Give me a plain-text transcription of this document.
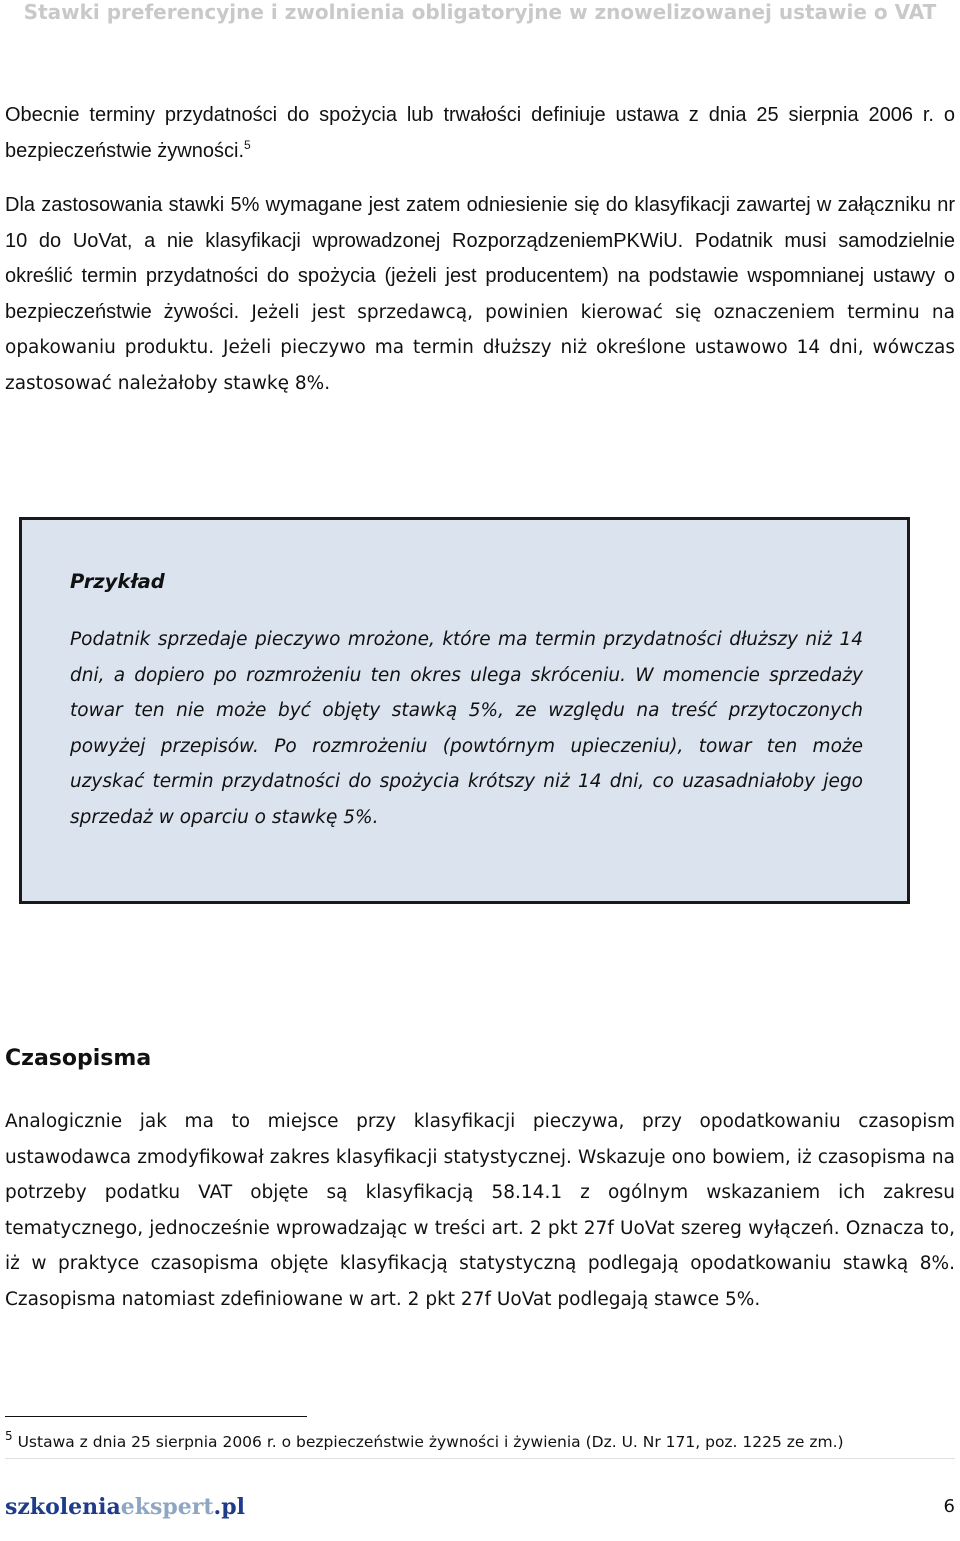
Stawki preferencyjne i zwolnienia obligatoryjne w znowelizowanej ustawie o VAT

Obecnie terminy przydatności do spożycia lub trwałości definiuje ustawa z dnia 25 sierpnia 2006 r. o bezpieczeństwie żywności.$^5$

Dla zastosowania stawki 5% wymagane jest zatem odniesienie się do klasyfikacji zawartej w załączniku nr 10 do UoVat, a nie klasyfikacji wprowadzonej RozporządzeniemPKWiU. Podatnik musi samodzielnie określić termin przydatności do spożycia (jeżeli jest producentem) na podstawie wspomnianej ustawy o bezpieczeństwie żywości. Jeżeli jest sprzedawcą, powinien kierować się oznaczeniem terminu na opakowaniu produktu. Jeżeli pieczywo ma termin dłuższy niż określone ustawowo 14 dni, wówczas zastosować należałoby stawkę 8%.

Przykład

Podatnik sprzedaje pieczywo mrożone, które ma termin przydatności dłuższy niż 14 dni, a dopiero po rozmrożeniu ten okres ulega skróceniu. W momencie sprzedaży towar ten nie może być objęty stawką 5%, ze względu na treść przytoczonych powyżej przepisów. Po rozmrożeniu (powtórnym upieczeniu), towar ten może uzyskać termin przydatności do spożycia krótszy niż 14 dni, co uzasadniałoby jego sprzedaż w oparciu o stawkę 5%.

Czasopisma

Analogicznie jak ma to miejsce przy klasyfikacji pieczywa, przy opodatkowaniu czasopism ustawodawca zmodyfikował zakres klasyfikacji statystycznej. Wskazuje ono bowiem, iż czasopisma na potrzeby podatku VAT objęte są klasyfikacją 58.14.1 z ogólnym wskazaniem ich zakresu tematycznego, jednocześnie wprowadzając w treści art. 2 pkt 27f UoVat szereg wyłączeń. Oznacza to, iż w praktyce czasopisma objęte klasyfikacją statystyczną podlegają opodatkowaniu stawką 8%. Czasopisma natomiast zdefiniowane w art. 2 pkt 27f UoVat podlegają stawce 5%.

$^5$ Ustawa z dnia 25 sierpnia 2006 r. o bezpieczeństwie żywności i żywienia (Dz. U. Nr 171, poz. 1225 ze zm.)

szkoleniaekspert.pl	6
